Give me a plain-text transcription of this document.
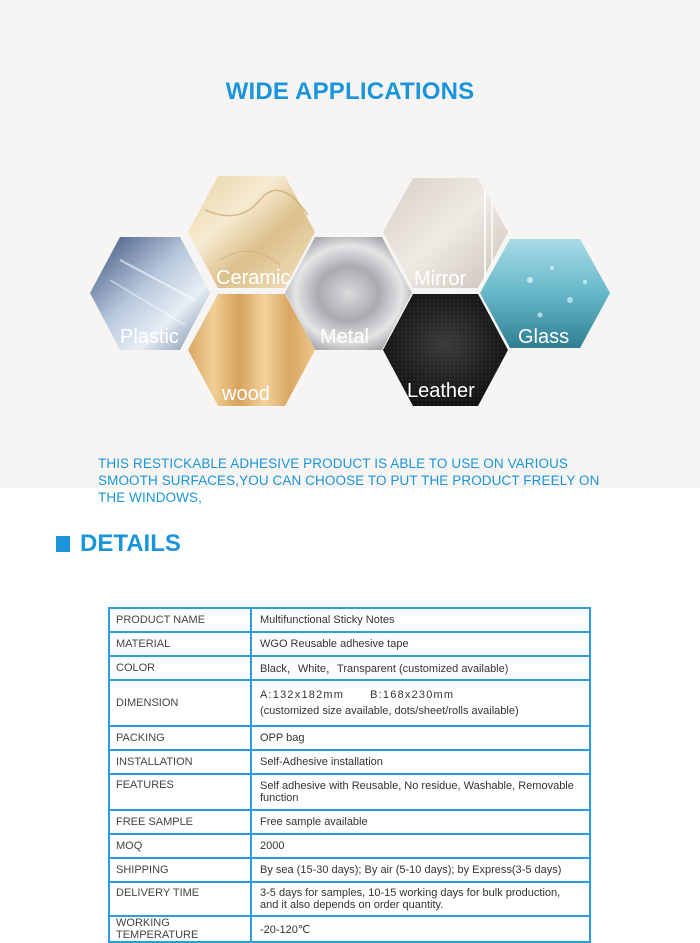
WIDE APPLICATIONS
Plastic
Ceramic
wood
Metal
Mirror
Leather
Glass

THIS RESTICKABLE ADHESIVE PRODUCT IS ABLE TO USE ON VARIOUS SMOOTH SURFACES,YOU CAN CHOOSE TO PUT THE PRODUCT FREELY ON THE WINDOWS,

DETAILS
PRODUCT NAME	Multifunctional Sticky Notes
MATERIAL	WGO Reusable adhesive tape
COLOR	Black，White，Transparent (customized available)
DIMENSION	A:132x182mm B:168x230mm
(customized size available, dots/sheet/rolls available)

PACKING	OPP bag
INSTALLATION	Self-Adhesive installation
FEATURES	Self adhesive with Reusable, No residue, Washable, Removable function
FREE SAMPLE	Free sample available
MOQ	2000
SHIPPING	By sea (15-30 days); By air (5-10 days); by Express(3-5 days)
DELIVERY TIME	3-5 days for samples, 10-15 working days for bulk production, and it also depends on order quantity.
WORKING TEMPERATURE	-20-120℃
